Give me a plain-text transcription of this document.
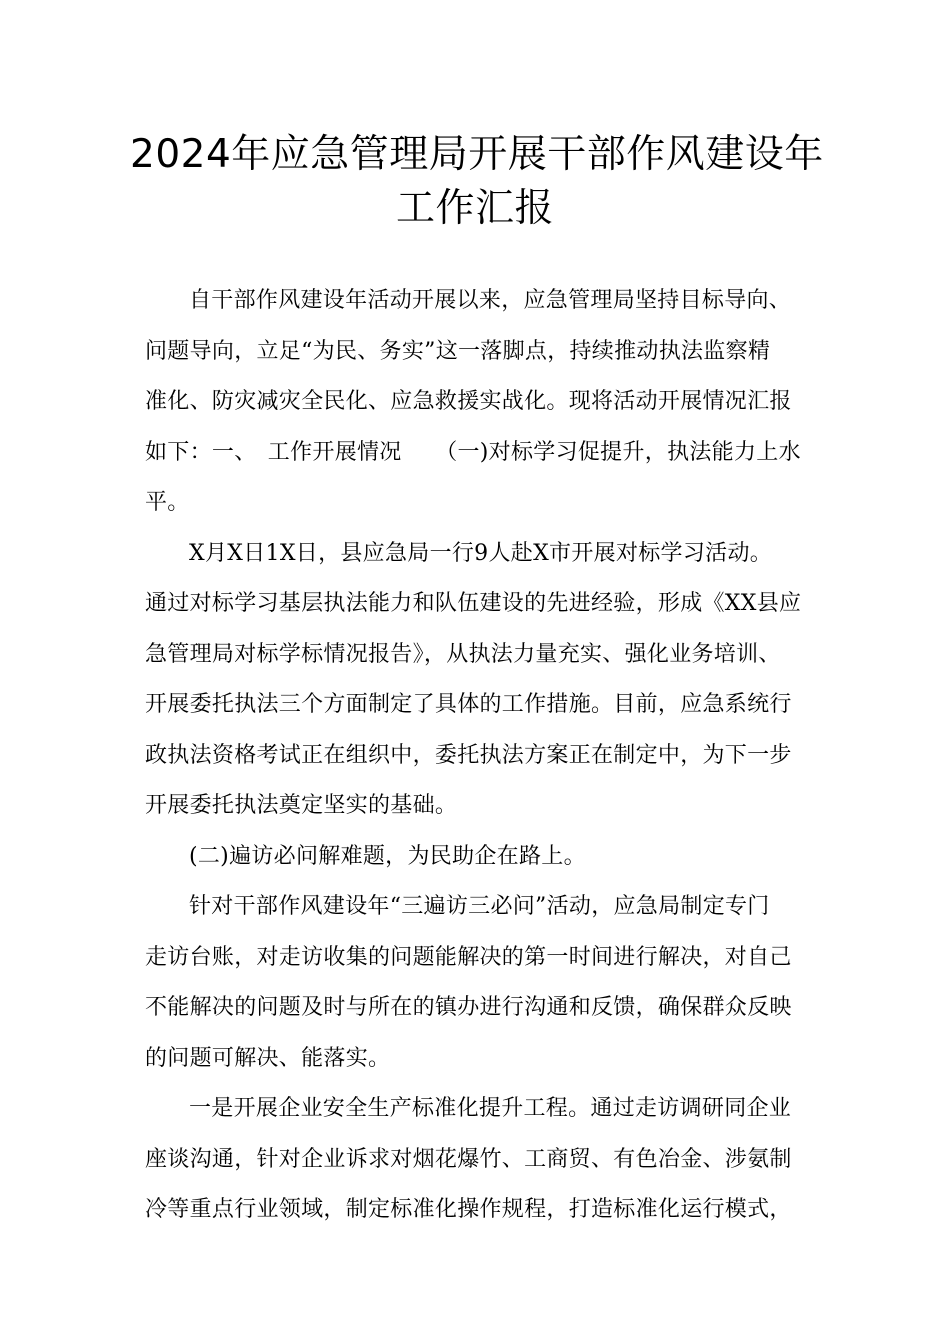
2024年应急管理局开展干部作风建设年
工作汇报
自干部作风建设年活动开展以来，应急管理局坚持目标导向、
问题导向，立足“为民、务实”这一落脚点，持续推动执法监察精
准化、防灾减灾全民化、应急救援实战化。现将活动开展情况汇报
如下：一、　工作开展情况　　（一)对标学习促提升，执法能力上水
平。
X月X日1X日，县应急局一行9人赴X市开展对标学习活动。
通过对标学习基层执法能力和队伍建设的先进经验，形成《XX县应
急管理局对标学标情况报告》，从执法力量充实、强化业务培训、
开展委托执法三个方面制定了具体的工作措施。目前，应急系统行
政执法资格考试正在组织中，委托执法方案正在制定中，为下一步
开展委托执法奠定坚实的基础。
(二)遍访必问解难题，为民助企在路上。
针对干部作风建设年“三遍访三必问”活动，应急局制定专门
走访台账，对走访收集的问题能解决的第一时间进行解决，对自己
不能解决的问题及时与所在的镇办进行沟通和反馈，确保群众反映
的问题可解决、能落实。
一是开展企业安全生产标准化提升工程。通过走访调研同企业
座谈沟通，针对企业诉求对烟花爆竹、工商贸、有色冶金、涉氨制
冷等重点行业领域，制定标准化操作规程，打造标准化运行模式，
